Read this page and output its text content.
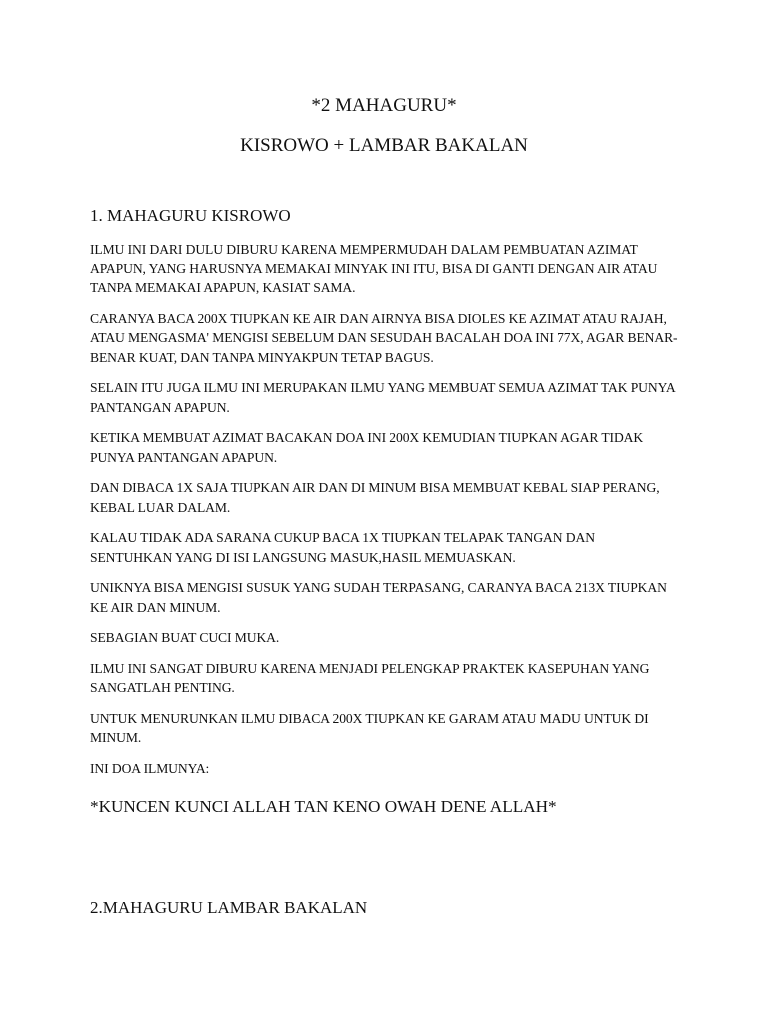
*2 MAHAGURU*
KISROWO + LAMBAR BAKALAN
1. MAHAGURU KISROWO

ILMU INI DARI DULU DIBURU KARENA MEMPERMUDAH DALAM PEMBUATAN AZIMAT APAPUN, YANG HARUSNYA MEMAKAI MINYAK INI ITU, BISA DI GANTI DENGAN AIR ATAU TANPA MEMAKAI APAPUN, KASIAT SAMA.

CARANYA BACA 200X TIUPKAN KE AIR DAN AIRNYA BISA DIOLES KE AZIMAT ATAU RAJAH, ATAU MENGASMA' MENGISI SEBELUM DAN SESUDAH BACALAH DOA INI 77X, AGAR BENAR-BENAR KUAT, DAN TANPA MINYAKPUN TETAP BAGUS.

SELAIN ITU JUGA ILMU INI MERUPAKAN ILMU YANG MEMBUAT SEMUA AZIMAT TAK PUNYA PANTANGAN APAPUN.

KETIKA MEMBUAT AZIMAT BACAKAN DOA INI 200X KEMUDIAN TIUPKAN AGAR TIDAK PUNYA PANTANGAN APAPUN.

DAN DIBACA 1X SAJA TIUPKAN AIR DAN DI MINUM BISA MEMBUAT KEBAL SIAP PERANG, KEBAL LUAR DALAM.

KALAU TIDAK ADA SARANA CUKUP BACA 1X TIUPKAN TELAPAK TANGAN DAN SENTUHKAN YANG DI ISI LANGSUNG MASUK,HASIL MEMUASKAN.

UNIKNYA BISA MENGISI SUSUK YANG SUDAH TERPASANG, CARANYA BACA 213X TIUPKAN KE AIR DAN MINUM.

SEBAGIAN BUAT CUCI MUKA.

ILMU INI SANGAT DIBURU KARENA MENJADI PELENGKAP PRAKTEK KASEPUHAN YANG SANGATLAH PENTING.

UNTUK MENURUNKAN ILMU DIBACA 200X TIUPKAN KE GARAM ATAU MADU UNTUK DI MINUM.

INI DOA ILMUNYA:

*KUNCEN KUNCI ALLAH TAN KENO OWAH DENE ALLAH*

2.MAHAGURU LAMBAR BAKALAN
